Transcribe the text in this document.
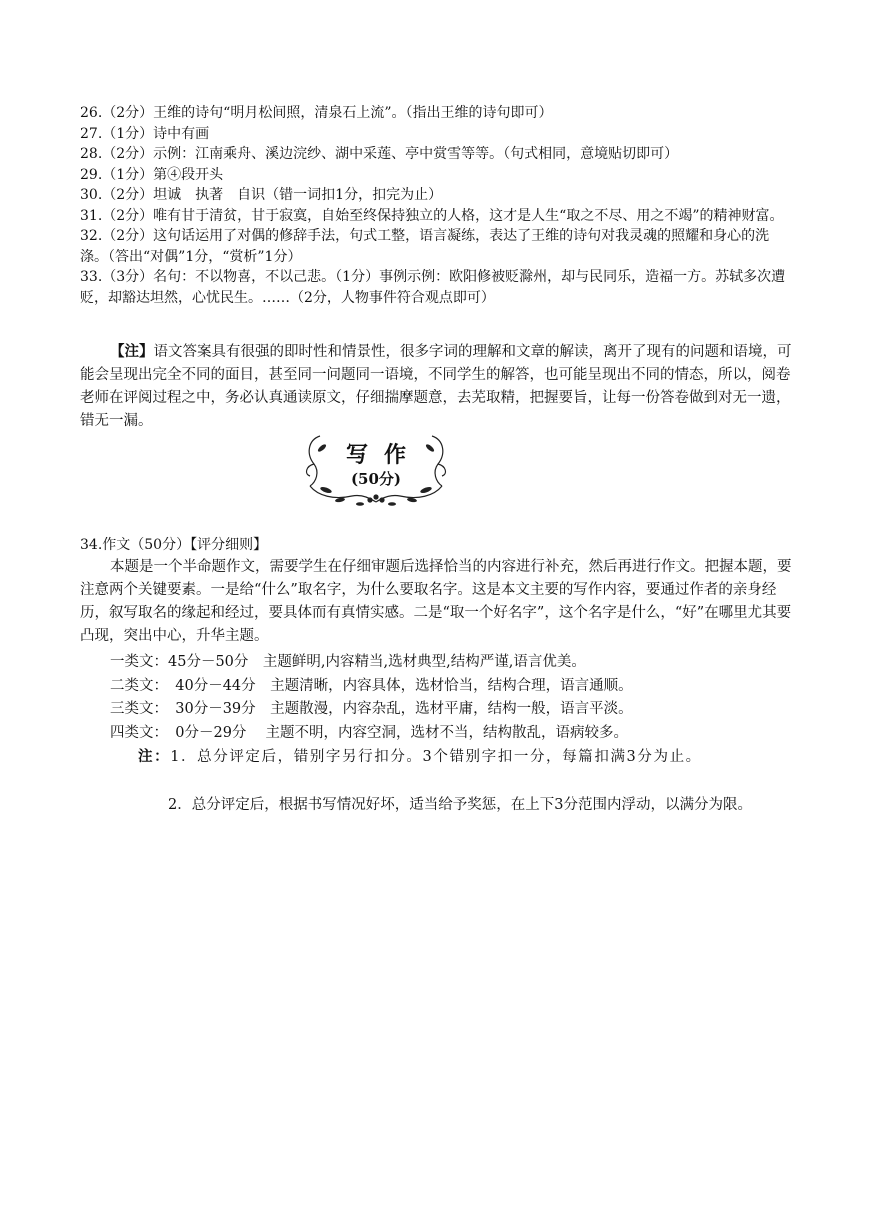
26.（2分）王维的诗句“明月松间照，清泉石上流”。（指出王维的诗句即可）

27.（1分）诗中有画

28.（2分）示例：江南乘舟、溪边浣纱、湖中采莲、亭中赏雪等等。（句式相同，意境贴切即可）

29.（1分）第④段开头

30.（2分）坦诚　执著　自识（错一词扣1分，扣完为止）

31.（2分）唯有甘于清贫，甘于寂寞，自始至终保持独立的人格，这才是人生“取之不尽、用之不竭”的精神财富。

32.（2分）这句话运用了对偶的修辞手法，句式工整，语言凝练，表达了王维的诗句对我灵魂的照耀和身心的洗涤。（答出“对偶”1分，“赏析”1分）

33.（3分）名句：不以物喜，不以己悲。（1分）事例示例：欧阳修被贬滁州，却与民同乐，造福一方。苏轼多次遭贬，却豁达坦然，心忧民生。……（2分，人物事件符合观点即可）

【注】语文答案具有很强的即时性和情景性，很多字词的理解和文章的解读，离开了现有的问题和语境，可能会呈现出完全不同的面目，甚至同一问题同一语境，不同学生的解答，也可能呈现出不同的情态，所以，阅卷老师在评阅过程之中，务必认真通读原文，仔细揣摩题意，去芜取精，把握要旨，让每一份答卷做到对无一遗，错无一漏。

写作
(50分)

34.作文（50分）【评分细则】

本题是一个半命题作文，需要学生在仔细审题后选择恰当的内容进行补充，然后再进行作文。把握本题，要注意两个关键要素。一是给“什么”取名字，为什么要取名字。这是本文主要的写作内容，要通过作者的亲身经历，叙写取名的缘起和经过，要具体而有真情实感。二是“取一个好名字”，这个名字是什么，“好”在哪里尤其要凸现，突出中心，升华主题。

一类文：45分－50分　主题鲜明,内容精当,选材典型,结构严谨,语言优美。

二类文：　40分－44分　主题清晰，内容具体，选材恰当，结构合理，语言通顺。

三类文：　30分－39分　主题散漫，内容杂乱，选材平庸，结构一般，语言平淡。

四类文：　0分－29分　 主题不明，内容空洞，选材不当，结构散乱，语病较多。

注：1．总分评定后，错别字另行扣分。3个错别字扣一分，每篇扣满3分为止。

2．总分评定后，根据书写情况好坏，适当给予奖惩，在上下3分范围内浮动，以满分为限。
